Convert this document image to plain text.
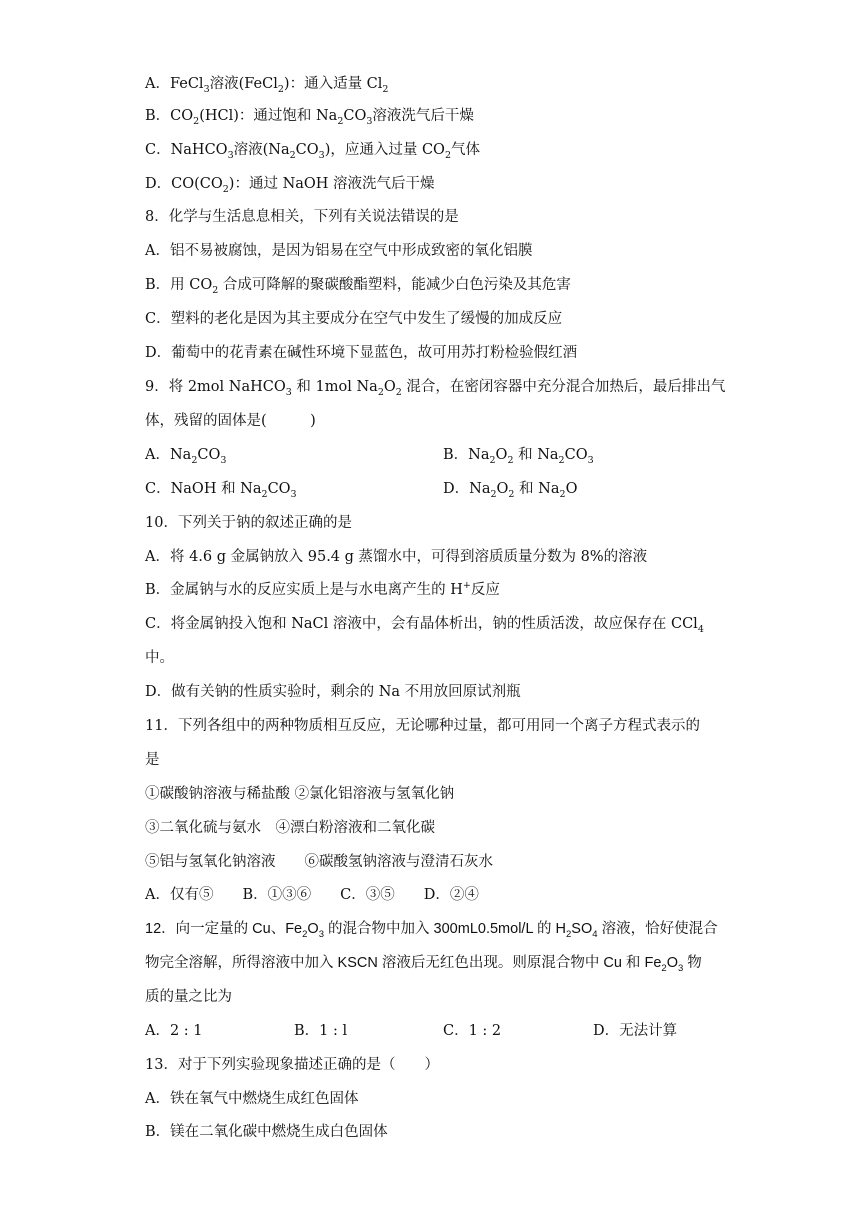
A．FeCl$_3$溶液(FeCl$_2$)：通入适量 $Cl_2$
B．$CO_2(HCl)$：通过饱和 $Na_2CO_3$溶液洗气后干燥
C．NaHCO$_3$溶液$(Na_2CO_3)$，应通入过量 $CO_2$气体
D．$CO(CO_2)$：通过 NaOH 溶液洗气后干燥
8．化学与生活息息相关，下列有关说法错误的是
A．铝不易被腐蚀，是因为铝易在空气中形成致密的氧化铝膜
B．用 $CO_2$ 合成可降解的聚碳酸酯塑料，能减少白色污染及其危害
C．塑料的老化是因为其主要成分在空气中发生了缓慢的加成反应
D．葡萄中的花青素在碱性环境下显蓝色，故可用苏打粉检验假红酒
9．将 2mol NaHCO$_3$ 和 1mol $Na_2O_2$ 混合，在密闭容器中充分混合加热后，最后排出气
体，残留的固体是(　　　)
A．$Na_2CO_3$	B．$Na_2O_2$ 和 $Na_2CO_3$
C．NaOH 和 $Na_2CO_3$	D．$Na_2O_2$ 和 $Na_2O$
10．下列关于钠的叙述正确的是
A．将 4.6 g 金属钠放入 95.4 g 蒸馏水中，可得到溶质质量分数为 8%的溶液
B．金属钠与水的反应实质上是与水电离产生的 H+反应
C．将金属钠投入饱和 NaCl 溶液中，会有晶体析出，钠的性质活泼，故应保存在 CCl$_4$
中。
D．做有关钠的性质实验时，剩余的 Na 不用放回原试剂瓶
11．下列各组中的两种物质相互反应，无论哪种过量，都可用同一个离子方程式表示的
是
①碳酸钠溶液与稀盐酸 ②氯化铝溶液与氢氧化钠
③二氧化硫与氨水　④漂白粉溶液和二氧化碳
⑤铝与氢氧化钠溶液　　⑥碳酸氢钠溶液与澄清石灰水
A．仅有⑤　　B．①③⑥　　C．③⑤　　D．②④
12．向一定量的 Cu、$Fe_2O_3$ 的混合物中加入 300mL0.5mol/L 的 $H_2SO_4$ 溶液，恰好使混合
物完全溶解，所得溶液中加入 KSCN 溶液后无红色出现。则原混合物中 Cu 和 $Fe_2O_3$ 物
质的量之比为
A．2 : 1	B．1 : l	C．1 : 2	D．无法计算
13．对于下列实验现象描述正确的是（　　）
A．铁在氧气中燃烧生成红色固体
B．镁在二氧化碳中燃烧生成白色固体
